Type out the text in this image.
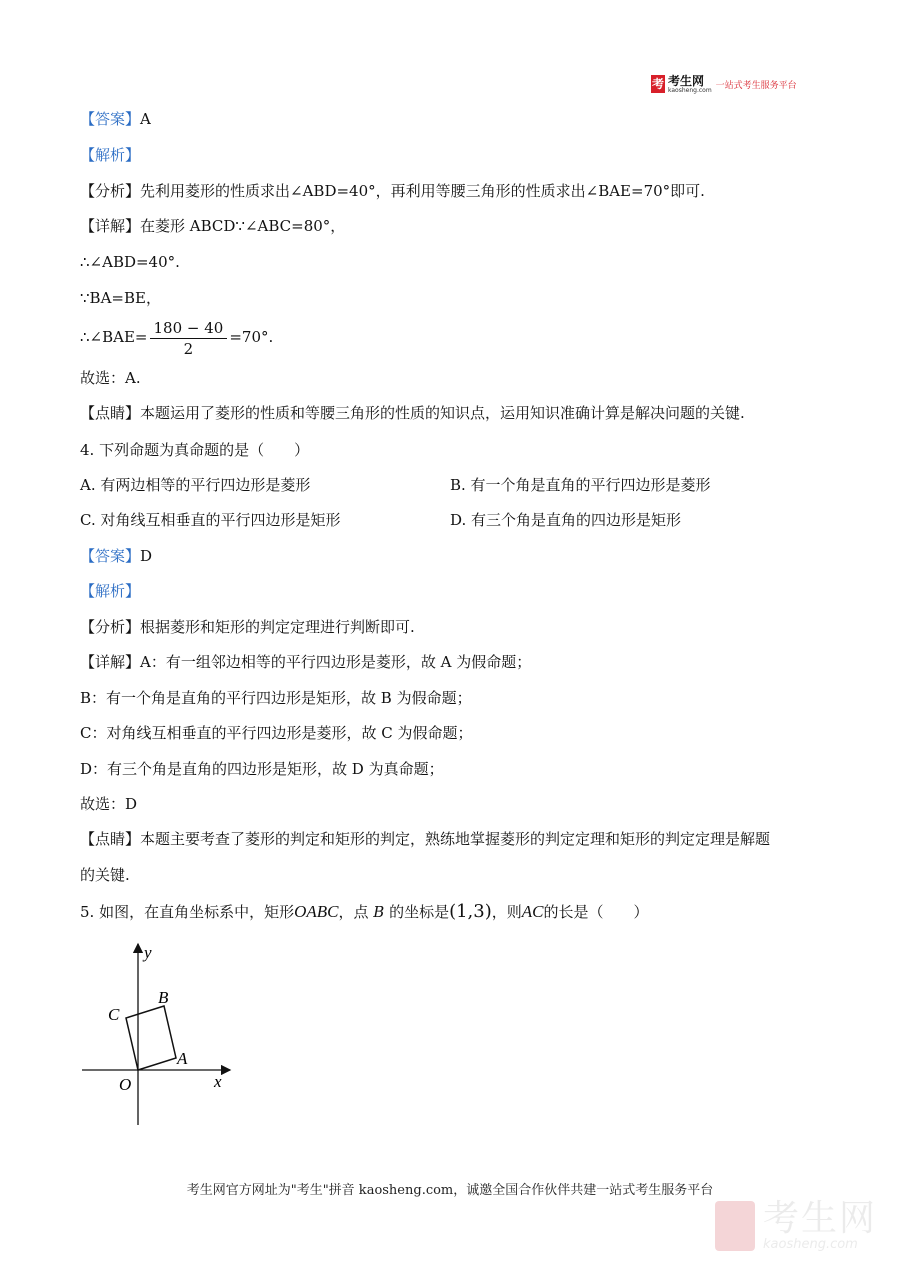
考 考生网
kaosheng.com 一站式考生服务平台
【答案】A
【解析】
【分析】先利用菱形的性质求出∠ABD=40°，再利用等腰三角形的性质求出∠BAE=70°即可.
【详解】在菱形 ABCD∵∠ABC=80°，
∴∠ABD=40°.
∵BA=BE，
∴∠BAE= $\frac{180 - 40}{2} =70^\circ$.
故选：A.
【点睛】本题运用了菱形的性质和等腰三角形的性质的知识点，运用知识准确计算是解决问题的关键.
4. 下列命题为真命题的是（　　）
A. 有两边相等的平行四边形是菱形	B. 有一个角是直角的平行四边形是菱形
C. 对角线互相垂直的平行四边形是矩形	D. 有三个角是直角的四边形是矩形
【答案】D
【解析】
【分析】根据菱形和矩形的判定定理进行判断即可.
【详解】A：有一组邻边相等的平行四边形是菱形，故 A 为假命题；
B：有一个角是直角的平行四边形是矩形，故 B 为假命题；
C：对角线互相垂直的平行四边形是菱形，故 C 为假命题；
D：有三个角是直角的四边形是矩形，故 D 为真命题；
故选：D
【点睛】本题主要考查了菱形的判定和矩形的判定，熟练地掌握菱形的判定定理和矩形的判定定理是解题
的关键.
5. 如图，在直角坐标系中，矩形OABC，点 B 的坐标是(1,3)，则AC的长是（　　）
y
x
O
A
B
C
考生网官方网址为"考生"拼音 kaosheng.com，诚邀全国合作伙伴共建一站式考生服务平台
考生网
kaosheng.com
